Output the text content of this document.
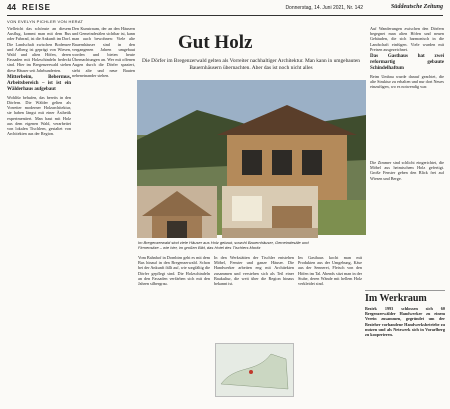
44 REISE	Donnerstag, 14. Juni 2021, Nr. 142	Süddeutsche Zeitung
VON EVELYN PICHLER VON HERAT
Vielleicht das schönste an diesem Ausflug, kommt man mit dem Bus oder Fahrrad, ist die Ankunft im Dorf. Die Landschaft zwischen Bodensee und Arlberg ist geprägt von Wiesen, Wald und alten Höfen, deren Fassaden mit Holzschindeln bedeckt sind. Hier im Bregenzerwald stehen diese Häuser seit Jahrhunderten.
Mitterbeim, Bebermus, Arbeitsbereich – ist ist ein Wälderhaus aufgebaut
Wohlfür behufen, das bereits in den Dörfern. Die Wälder gelten als Vorreiter moderner Holzarchitektur, sie haben längst mit einer Ästhetik experimentiert. Man baut mit Holz aus dem eigenen Wald, verarbeitet von lokalen Tischlern, gestaltet von Architekten aus der Region.
Den Kunstraum, der an den Häusern und Gemeindesälen sichtbar ist, kann man auch bewohnen: Viele alte Bauernhäuser sind in den vergangenen Jahren umgebaut worden und bieten heute Übernachtungen an. Wer mit offenen Augen durch die Dörfer spaziert, sieht alte und neue Bauten nebeneinander stehen.
Gut Holz
Die Dörfer im Bregenzerwald gelten als Vorreiter nachhaltiger Architektur. Man kann in umgebauten Bauernhäusern übernachten. Aber das ist noch nicht alles
Im Bregenzerwald sind viele Häuser aus Holz gebaut, sowohl Bauernhäuser, Gemeindesäle und Firmensitze – wie hier, im großen Bild, das Hotel des Tischlers Moritz
Vom Bahnhof in Dornbirn geht es mit dem Bus hinauf in den Bregenzerwald. Schon bei der Ankunft fällt auf, wie sorgfältig die Dörfer gepflegt sind. Die Holzschindeln an den Fassaden verfärben sich mit den Jahren silbergrau.
In den Werkstätten der Tischler entstehen Möbel, Fenster und ganze Häuser. Die Handwerker arbeiten eng mit Architekten zusammen und verstehen sich als Teil einer Baukultur, die weit über die Region hinaus bekannt ist.
Im Gasthaus kocht man mit Produkten aus der Umgebung, Käse aus der Sennerei, Fleisch von den Höfen im Tal. Abends sitzt man in der Stube, deren Wände mit hellem Holz verkleidet sind.
Auf Wanderungen zwischen den Dörfern begegnet man alten Höfen und neuen Gebäuden, die sich harmonisch in die Landschaft einfügen. Viele wurden mit Preisen ausgezeichnet.
Das Gasthaus hat zwei reformartig gebaute Schindelhaftum
Beim Umbau wurde darauf geachtet, die alte Struktur zu erhalten und nur dort Neues einzufügen, wo es notwendig war.
Die Zimmer sind schlicht eingerichtet, die Möbel aus heimischem Holz gefertigt. Große Fenster geben den Blick frei auf Wiesen und Berge.
Im Werkraum
Bezirk 1993 schlossen sich 60 Bregenzerwälder Handwerker zu einem Verein zusammen, gegründet um der Bezieher vorhandene Handwerksbetriebe zu nutzen und als Netzwerk sich in Vorarlberg zu kooperieren.
